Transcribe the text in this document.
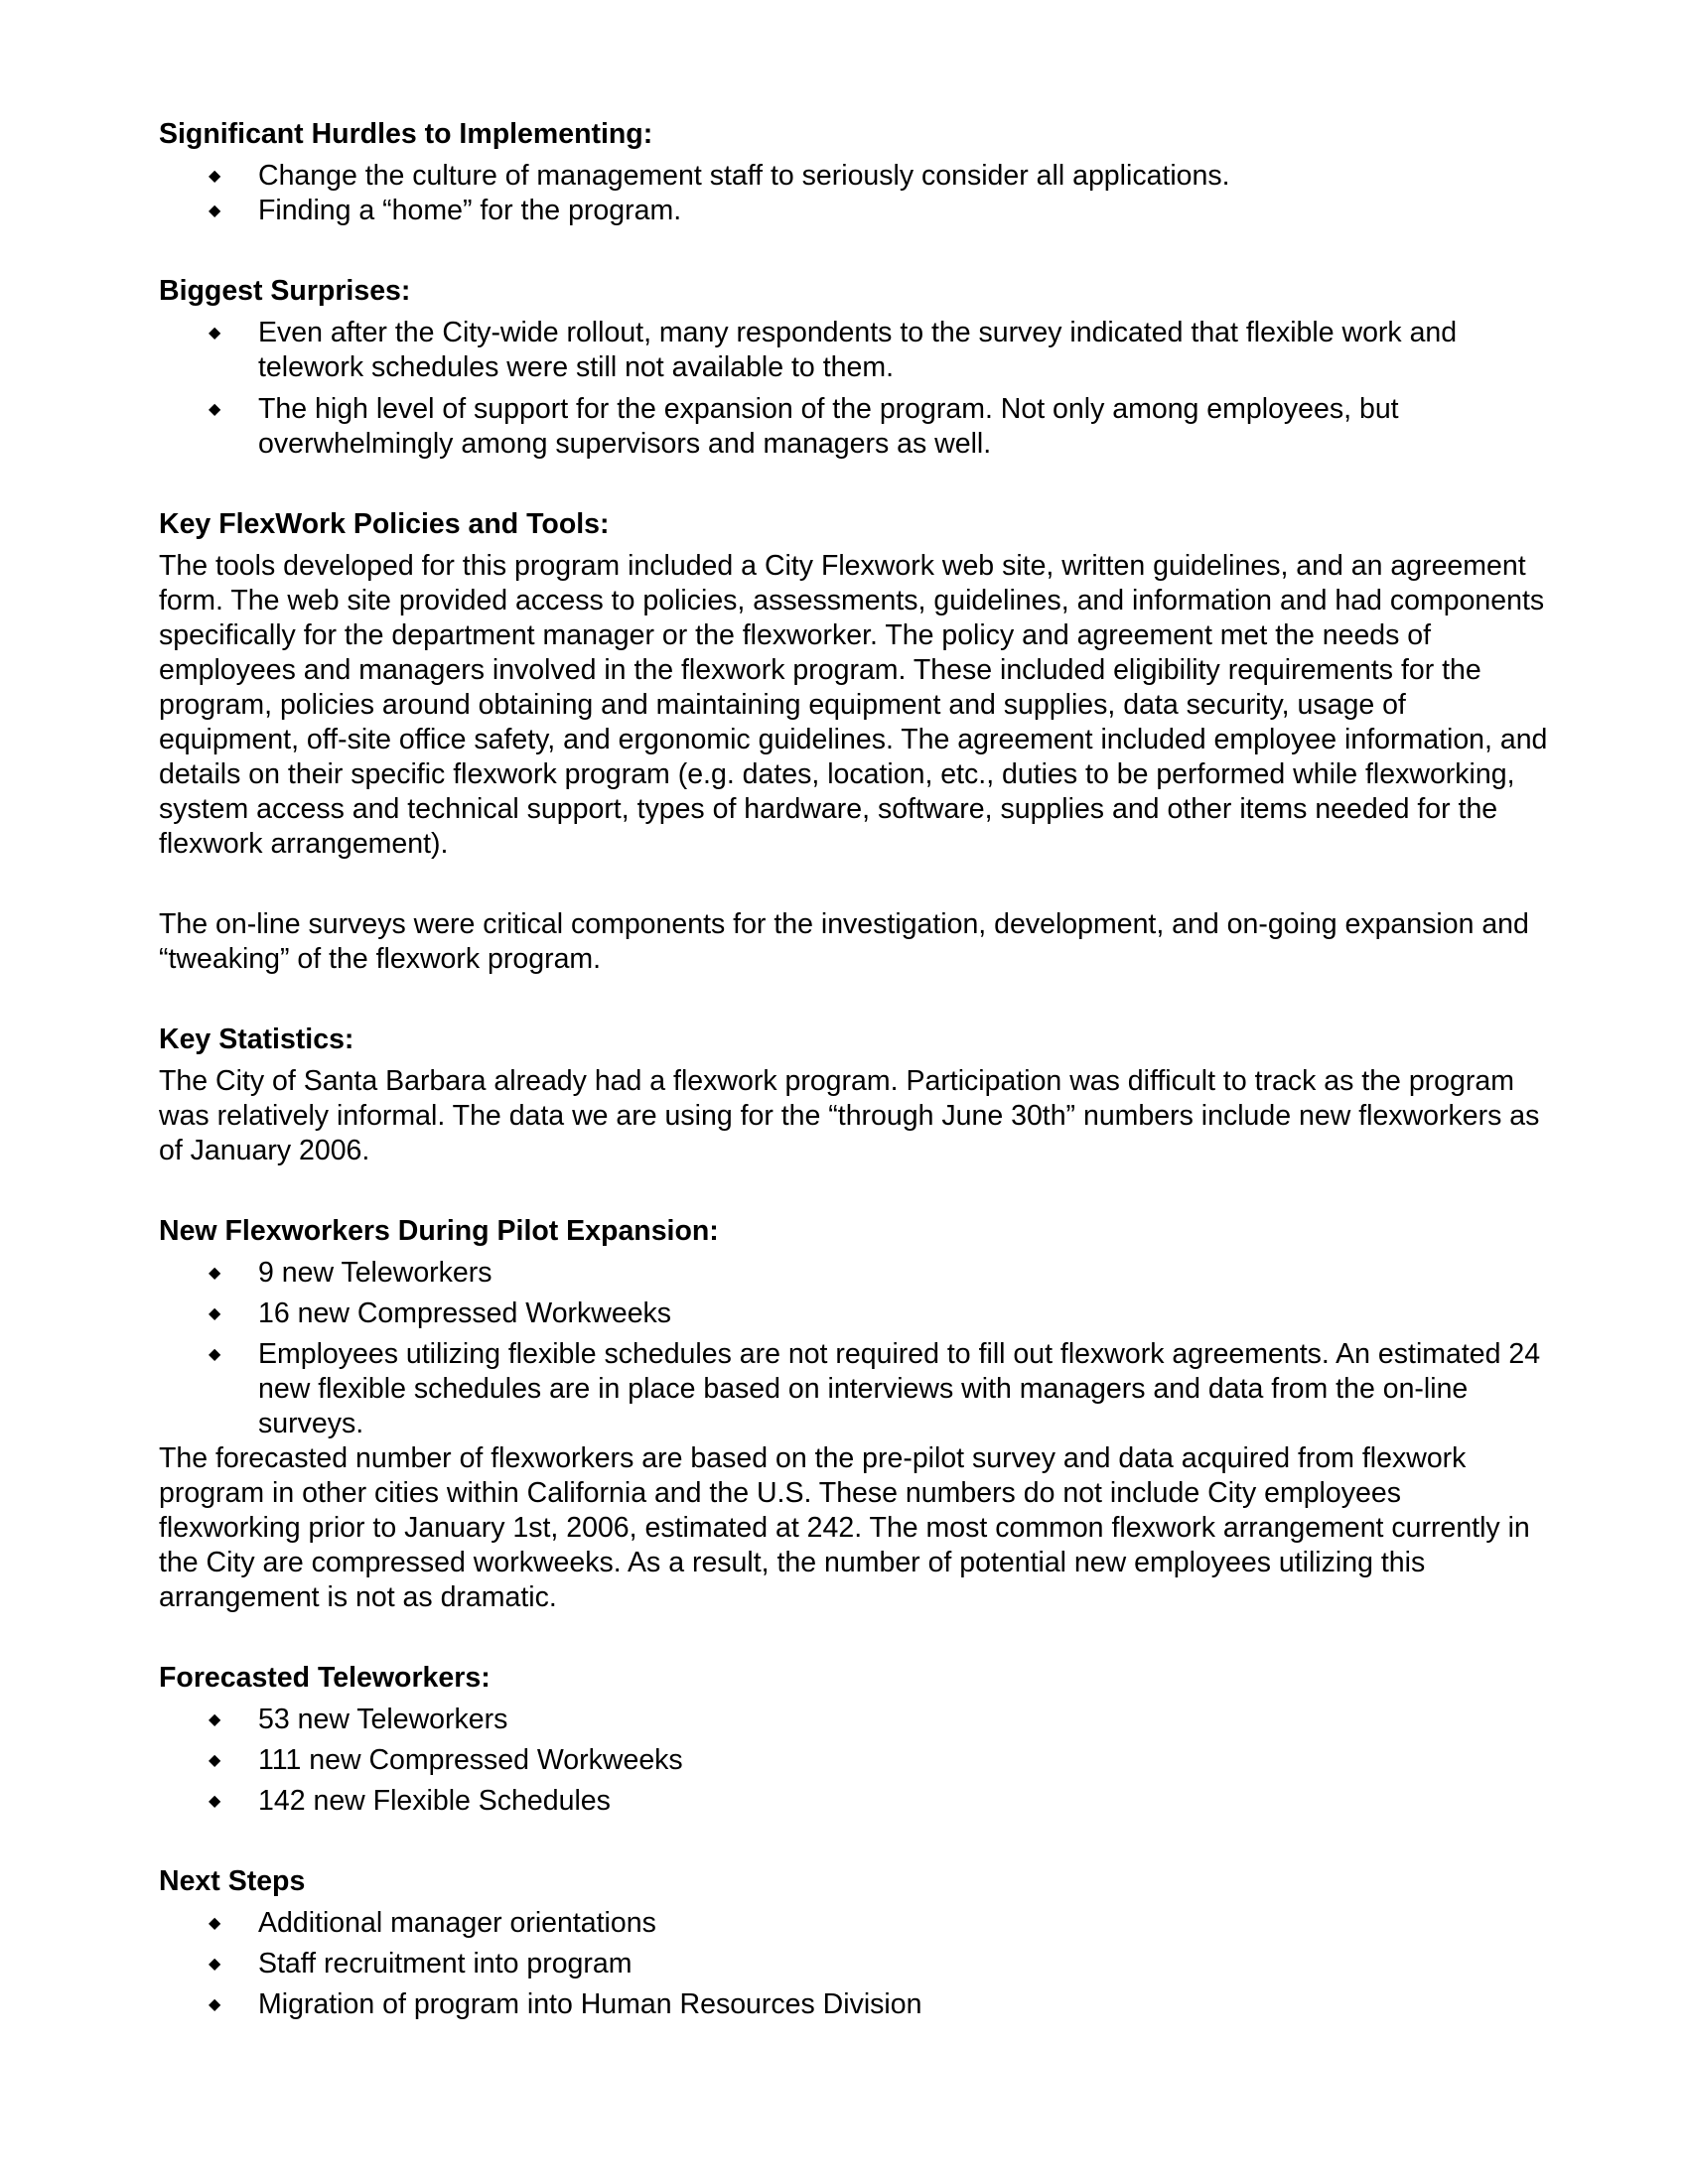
Significant Hurdles to Implementing:

◆ Change the culture of management staff to seriously consider all applications.
◆ Finding a “home” for the program.

Biggest Surprises:

◆ Even after the City-wide rollout, many respondents to the survey indicated that flexible work and telework schedules were still not available to them.
◆ The high level of support for the expansion of the program. Not only among employees, but overwhelmingly among supervisors and managers as well.

Key FlexWork Policies and Tools:

The tools developed for this program included a City Flexwork web site, written guidelines, and an agreement form. The web site provided access to policies, assessments, guidelines, and information and had components specifically for the department manager or the flexworker. The policy and agreement met the needs of employees and managers involved in the flexwork program. These included eligibility requirements for the program, policies around obtaining and maintaining equipment and supplies, data security, usage of equipment, off-site office safety, and ergonomic guidelines. The agreement included employee information, and details on their specific flexwork program (e.g. dates, location, etc., duties to be performed while flexworking, system access and technical support, types of hardware, software, supplies and other items needed for the flexwork arrangement).

The on-line surveys were critical components for the investigation, development, and on-going expansion and “tweaking” of the flexwork program.

Key Statistics:

The City of Santa Barbara already had a flexwork program. Participation was difficult to track as the program was relatively informal. The data we are using for the “through June 30th” numbers include new flexworkers as of January 2006.

New Flexworkers During Pilot Expansion:

◆ 9 new Teleworkers
◆ 16 new Compressed Workweeks
◆ Employees utilizing flexible schedules are not required to fill out flexwork agreements. An estimated 24 new flexible schedules are in place based on interviews with managers and data from the on-line surveys.

The forecasted number of flexworkers are based on the pre-pilot survey and data acquired from flexwork program in other cities within California and the U.S. These numbers do not include City employees flexworking prior to January 1st, 2006, estimated at 242. The most common flexwork arrangement currently in the City are compressed workweeks. As a result, the number of potential new employees utilizing this arrangement is not as dramatic.

Forecasted Teleworkers:

◆ 53 new Teleworkers
◆ 111 new Compressed Workweeks
◆ 142 new Flexible Schedules

Next Steps

◆ Additional manager orientations
◆ Staff recruitment into program
◆ Migration of program into Human Resources Division
